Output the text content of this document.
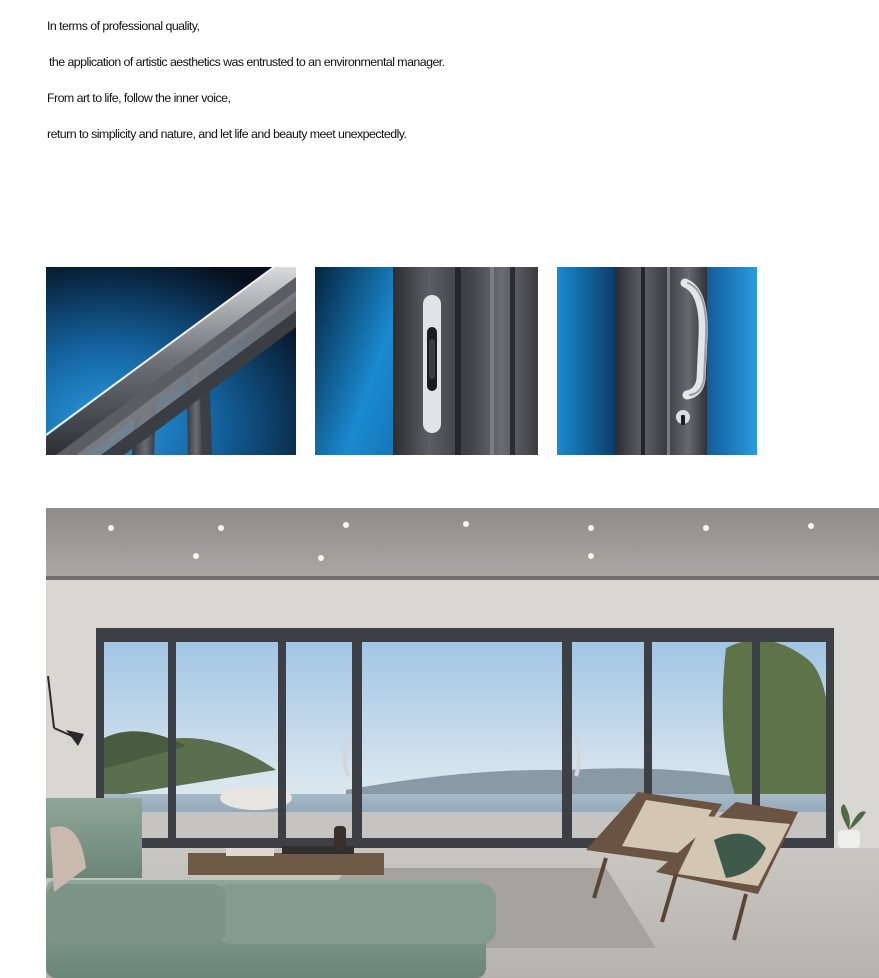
In terms of professional quality,

the application of artistic aesthetics was entrusted to an environmental manager.

From art to life, follow the inner voice,

return to simplicity and nature, and let life and beauty meet unexpectedly.
